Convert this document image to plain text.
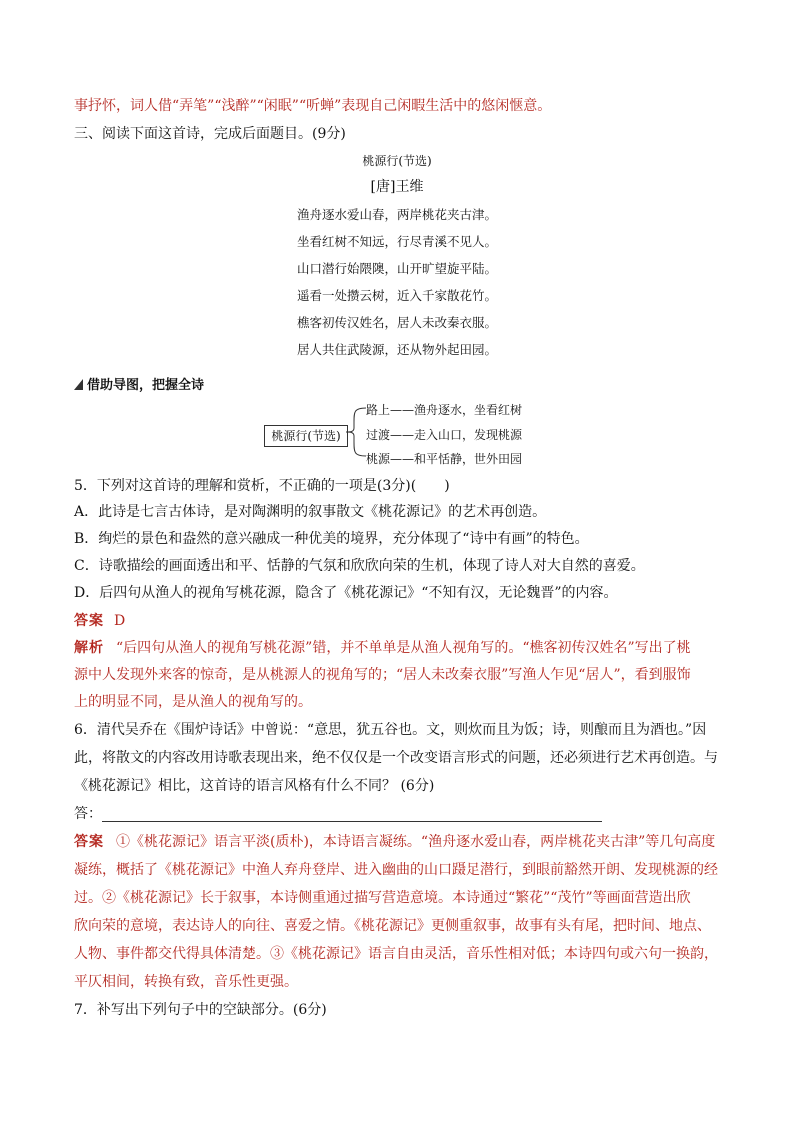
事抒怀，词人借“弄笔”“浅醉”“闲眠”“听蝉”表现自己闲暇生活中的悠闲惬意。
三、阅读下面这首诗，完成后面题目。(9分)
桃源行(节选)
[唐]王维
渔舟逐水爱山春，两岸桃花夹古津。
坐看红树不知远，行尽青溪不见人。
山口潜行始隈隩，山开旷望旋平陆。
遥看一处攒云树，近入千家散花竹。
樵客初传汉姓名，居人未改秦衣服。
居人共住武陵源，还从物外起田园。
借助导图，把握全诗
桃源行(节选)
路上——渔舟逐水，坐看红树
过渡——走入山口，发现桃源
桃源——和平恬静，世外田园
5．下列对这首诗的理解和赏析，不正确的一项是(3分)(　　)
A．此诗是七言古体诗，是对陶渊明的叙事散文《桃花源记》的艺术再创造。
B．绚烂的景色和盎然的意兴融成一种优美的境界，充分体现了“诗中有画”的特色。
C．诗歌描绘的画面透出和平、恬静的气氛和欣欣向荣的生机，体现了诗人对大自然的喜爱。
D．后四句从渔人的视角写桃花源，隐含了《桃花源记》“不知有汉，无论魏晋”的内容。
答案 D
解析 “后四句从渔人的视角写桃花源”错，并不单单是从渔人视角写的。“樵客初传汉姓名”写出了桃
源中人发现外来客的惊奇，是从桃源人的视角写的；“居人未改秦衣服”写渔人乍见“居人”，看到服饰
上的明显不同，是从渔人的视角写的。
6．清代吴乔在《围炉诗话》中曾说：“意思，犹五谷也。文，则炊而且为饭；诗，则酿而且为酒也。”因
此，将散文的内容改用诗歌表现出来，绝不仅仅是一个改变语言形式的问题，还必须进行艺术再创造。与
《桃花源记》相比，这首诗的语言风格有什么不同？ (6分)
答：
答案 ①《桃花源记》语言平淡(质朴)，本诗语言凝练。“渔舟逐水爱山春，两岸桃花夹古津”等几句高度
凝练，概括了《桃花源记》中渔人弃舟登岸、进入幽曲的山口蹑足潜行，到眼前豁然开朗、发现桃源的经
过。②《桃花源记》长于叙事，本诗侧重通过描写营造意境。本诗通过“繁花”“茂竹”等画面营造出欣
欣向荣的意境，表达诗人的向往、喜爱之情。《桃花源记》更侧重叙事，故事有头有尾，把时间、地点、
人物、事件都交代得具体清楚。③《桃花源记》语言自由灵活，音乐性相对低；本诗四句或六句一换韵，
平仄相间，转换有致，音乐性更强。
7．补写出下列句子中的空缺部分。(6分)
